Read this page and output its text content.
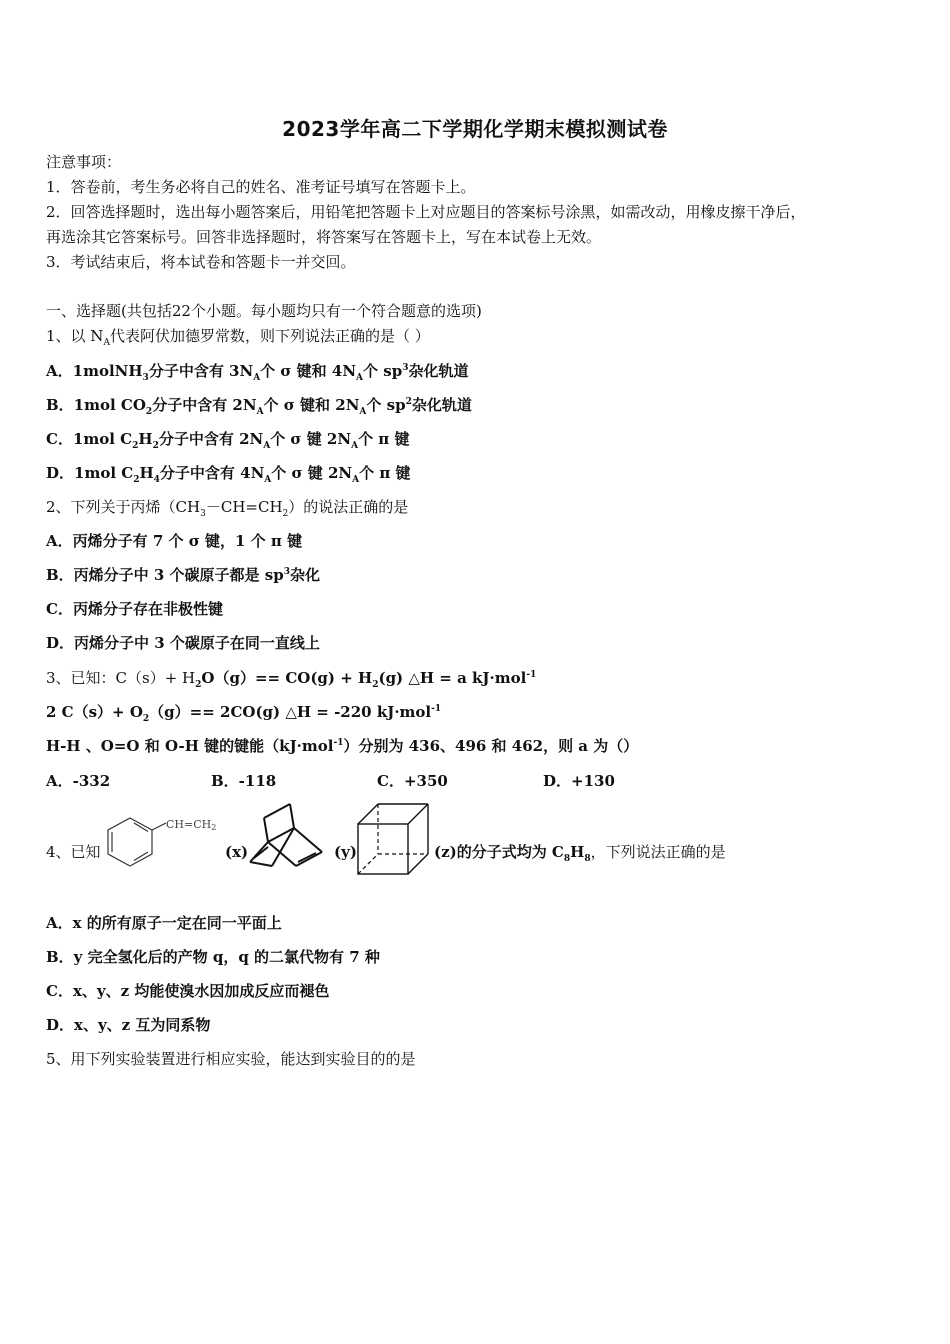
2023学年高二下学期化学期末模拟测试卷
注意事项：
1．答卷前，考生务必将自己的姓名、准考证号填写在答题卡上。
2．回答选择题时，选出每小题答案后，用铅笔把答题卡上对应题目的答案标号涂黑，如需改动，用橡皮擦干净后，
再选涂其它答案标号。回答非选择题时，将答案写在答题卡上，写在本试卷上无效。
3．考试结束后，将本试卷和答题卡一并交回。
一、选择题(共包括22个小题。每小题均只有一个符合题意的选项)
1、以 $N_A$代表阿伏加德罗常数，则下列说法正确的是（ ）
A．1molNH$_3$分子中含有 $3N_A$个 σ 键和 $4N_A$个 $sp^3$杂化轨道
B．1mol $CO_2$分子中含有 $2N_A$个 σ 键和 $2N_A$个 $sp^2$杂化轨道
C．1mol $C_2H_2$分子中含有 $2N_A$个 σ 键 $2N_A$个 π 键
D．1mol $C_2H_4$分子中含有 $4N_A$个 σ 键 $2N_A$个 π 键
2、下列关于丙烯$(CH_3-CH=CH_2)$的说法正确的是
A．丙烯分子有 7 个 σ 键，1 个 π 键
B．丙烯分子中 3 个碳原子都是 $sp^3$杂化
C．丙烯分子存在非极性键
D．丙烯分子中 3 个碳原子在同一直线上
3、已知：$C(s)+ H_2O(g)== CO(g) + H_2(g)$ △H = a kJ·mol$^{-1}$
2 $C(s)+ O_2(g)== 2CO(g)$ △H = -220 kJ·mol$^{-1}$
H-H 、O=O 和 O-H 键的键能（kJ·mol$^{-1}$）分别为 436、496 和 462，则 a 为（）
A．-332	B．-118	C．+350	D．+130
4、已知
CH=CH2
(x)	(y)	(z)的分子式均为 $C_8H_8$，下列说法正确的是
A．x 的所有原子一定在同一平面上
B．y 完全氢化后的产物 q，q 的二氯代物有 7 种
C．x、y、z 均能使溴水因加成反应而褪色
D．x、y、z 互为同系物
5、用下列实验装置进行相应实验，能达到实验目的的是
